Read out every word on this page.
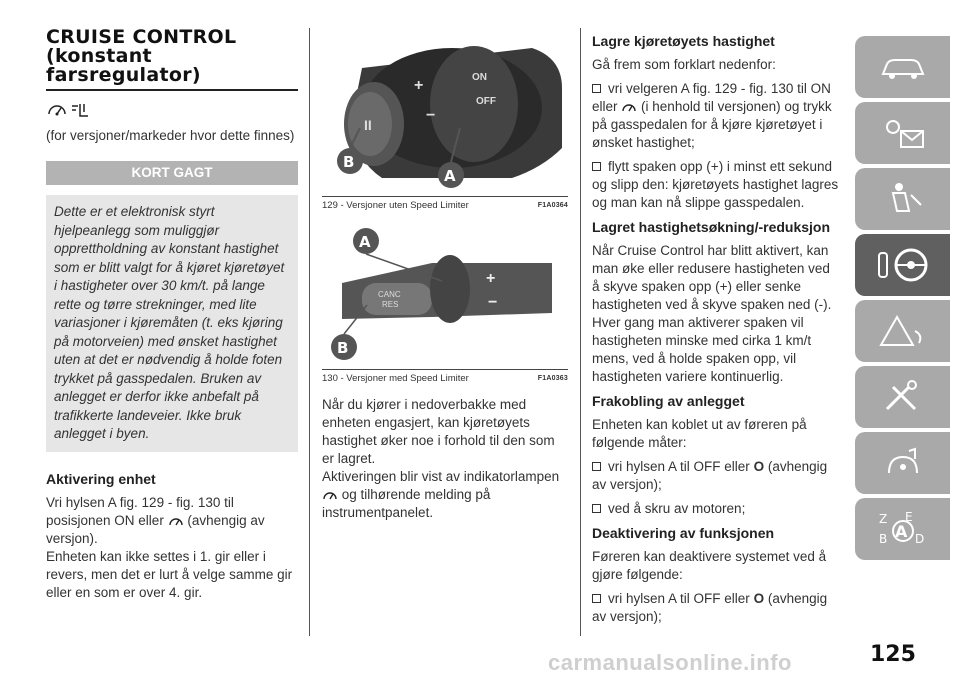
CRUISE CONTROL
(konstant
farsregulator)

(for versjoner/markeder hvor dette finnes)

KORT GAGT
Dette er et elektronisk styrt hjelpeanlegg som muliggjør opprettholdning av konstant hastighet som er blitt valgt for å kjøret kjøretøyet i hastigheter over 30 km/t. på lange rette og tørre strekninger, med lite variasjoner i kjøremåten (t. eks kjøring på motorveien) med ønsket hastighet uten at det er nødvendig å holde foten trykket på gasspedalen. Bruken av anlegget er derfor ikke anbefalt på trafikkerte landeveier. Ikke bruk anlegget i byen.
Aktivering enhet

Vri hylsen A fig. 129 - fig. 130 til posisjonen ON eller (avhengig av versjon).

Enheten kan ikke settes i 1. gir eller i revers, men det er lurt å velge samme gir eller en som er over 4. gir.

II
ON
OFF
+
−
B
A
129 - Versjoner uten Speed Limiter	F1A0364
CANC
RES
+
−
A
B
130 - Versjoner med Speed Limiter	F1A0363

Når du kjører i nedoverbakke med enheten engasjert, kan kjøretøyets hastighet øker noe i forhold til den som er lagret.

Aktiveringen blir vist av indikatorlampen
og tilhørende melding på instrumentpanelet.

Lagre kjøretøyets hastighet

Gå frem som forklart nedenfor:

vri velgeren A fig. 129 - fig. 130 til ON eller (i henhold til versjonen) og trykk på gasspedalen for å kjøre kjøretøyet i ønsket hastighet;

flytt spaken opp (+) i minst ett sekund og slipp den: kjøretøyets hastighet lagres og man kan nå slippe gasspedalen.

Lagret hastighetsøkning/-reduksjon

Når Cruise Control har blitt aktivert, kan man øke eller redusere hastigheten ved å skyve spaken opp (+) eller senke hastigheten ved å skyve spaken ned (-). Hver gang man aktiverer spaken vil hastigheten minske med cirka 1 km/t mens, ved å holde spaken opp, vil hastigheten variere kontinuerlig.

Frakobling av anlegget

Enheten kan koblet ut av føreren på følgende måter:

vri hylsen A til OFF eller O (avhengig av versjon);

ved å skru av motoren;

Deaktivering av funksjonen

Føreren kan deaktivere systemet ved å gjøre følgende:

vri hylsen A til OFF eller O (avhengig av versjon);

Z E
B A D
carmanualsonline.info	125
